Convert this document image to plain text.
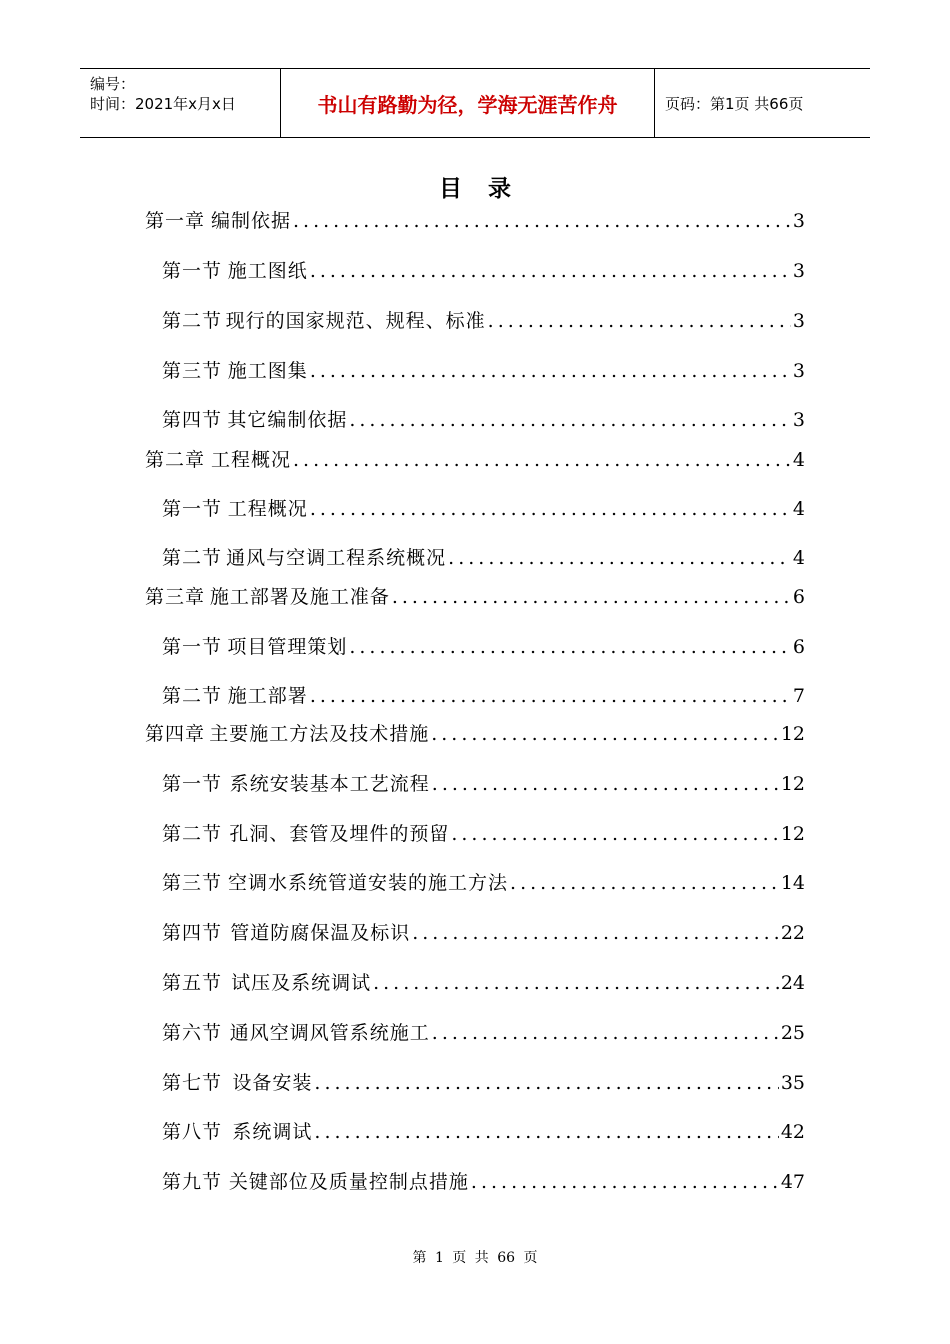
编号：
时间：2021年x月x日	书山有路勤为径，学海无涯苦作舟	页码：第1页 共66页
目录
第一章 编制依据 .....	3
第一节 施工图纸 .....	3
第二节 现行的国家规范、规程、标准 .....	3
第三节 施工图集 .....	3
第四节 其它编制依据 .....	3
第二章 工程概况 .....	4
第一节 工程概况 .....	4
第二节 通风与空调工程系统概况 .....	4
第三章 施工部署及施工准备 .....	6
第一节 项目管理策划 .....	6
第二节 施工部署 .....	7
第四章 主要施工方法及技术措施 .....	12
第一节 系统安装基本工艺流程 .....	12
第二节 孔洞、套管及埋件的预留 .....	12
第三节 空调水系统管道安装的施工方法 .....	14
第四节 管道防腐保温及标识 .....	22
第五节 试压及系统调试 .....	24
第六节 通风空调风管系统施工 .....	25
第七节 设备安装 .....	35
第八节 系统调试 .....	42
第九节 关键部位及质量控制点措施 .....	47
第 1 页 共 66 页
